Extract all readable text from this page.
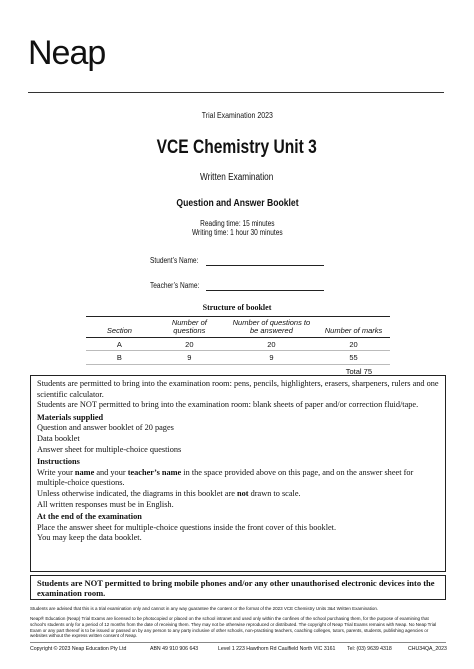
Neap
Trial Examination 2023
VCE Chemistry Unit 3
Written Examination
Question and Answer Booklet
Reading time: 15 minutes
Writing time: 1 hour 30 minutes
Student’s Name:
Teacher’s Name:
Structure of booklet
Section	Number of questions	Number of questions to be answered	Number of marks
A	20	20	20
B	9	9	55
Total 75			
Students are permitted to bring into the examination room: pens, pencils, highlighters, erasers, sharpeners, rulers and one scientific calculator.
Students are NOT permitted to bring into the examination room: blank sheets of paper and/or correction fluid/tape.
Materials supplied
Question and answer booklet of 20 pages
Data booklet
Answer sheet for multiple-choice questions
Instructions
Write your name and your teacher’s name in the space provided above on this page, and on the answer sheet for multiple-choice questions.
Unless otherwise indicated, the diagrams in this booklet are not drawn to scale.
All written responses must be in English.
At the end of the examination
Place the answer sheet for multiple-choice questions inside the front cover of this booklet.
You may keep the data booklet.
Students are NOT permitted to bring mobile phones and/or any other unauthorised electronic devices into the examination room.
Students are advised that this is a trial examination only and cannot in any way guarantee the content or the format of the 2023 VCE Chemistry Units 3&4 Written Examination.
Neap® Education (Neap) Trial Exams are licensed to be photocopied or placed on the school intranet and used only within the confines of the school purchasing them, for the purpose of examining that school’s students only for a period of 12 months from the date of receiving them. They may not be otherwise reproduced or distributed. The copyright of Neap Trial Exams remains with Neap. No Neap Trial Exam or any part thereof is to be issued or passed on by any person to any party inclusive of other schools, non-practising teachers, coaching colleges, tutors, parents, students, publishing agencies or websites without the express written consent of Neap.
Copyright © 2023 Neap Education Pty Ltd	ABN 49 910 906 643	Level 1 223 Hawthorn Rd Caulfield North VIC 3161 Tel: (03) 9639 4318	CHU34QA_2023
